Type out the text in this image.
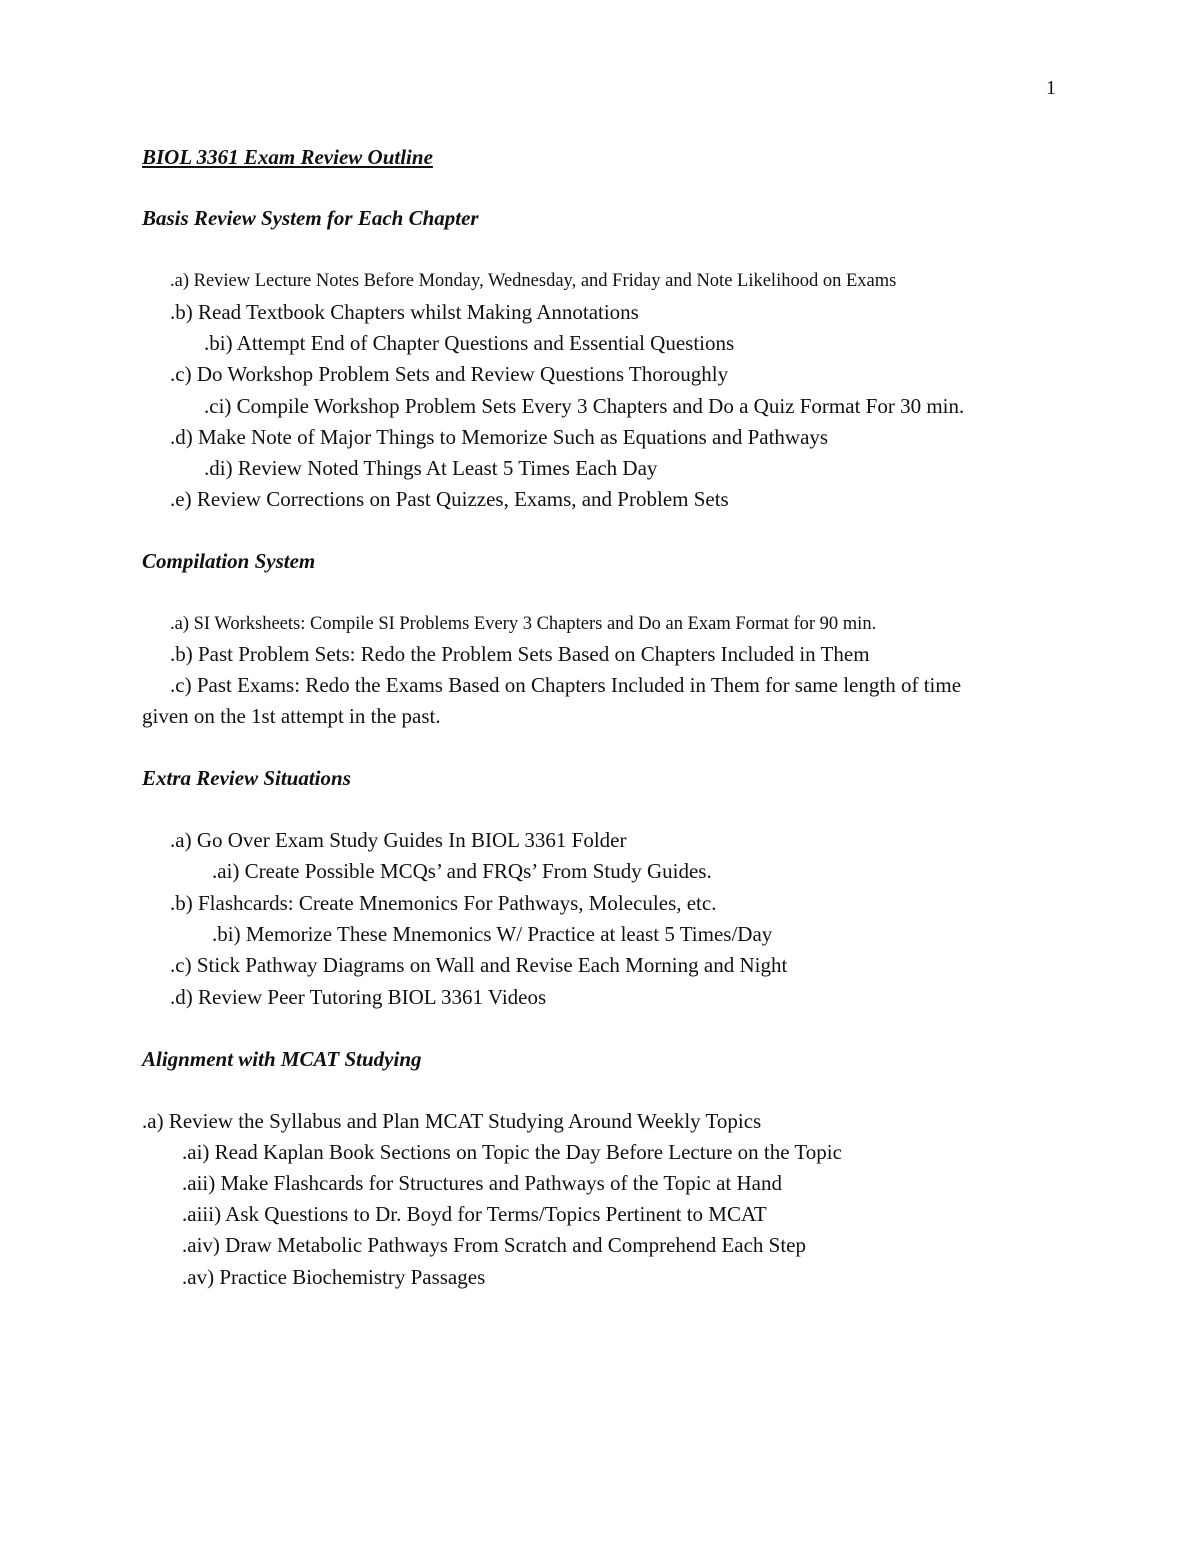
1
BIOL 3361 Exam Review Outline
Basis Review System for Each Chapter
.a) Review Lecture Notes Before Monday, Wednesday, and Friday and Note Likelihood on Exams
.b) Read Textbook Chapters whilst Making Annotations
.bi) Attempt End of Chapter Questions and Essential Questions
.c) Do Workshop Problem Sets and Review Questions Thoroughly
.ci) Compile Workshop Problem Sets Every 3 Chapters and Do a Quiz Format For 30 min.
.d) Make Note of Major Things to Memorize Such as Equations and Pathways
.di) Review Noted Things At Least 5 Times Each Day
.e) Review Corrections on Past Quizzes, Exams, and Problem Sets
Compilation System
.a) SI Worksheets: Compile SI Problems Every 3 Chapters and Do an Exam Format for 90 min.
.b) Past Problem Sets: Redo the Problem Sets Based on Chapters Included in Them
.c) Past Exams: Redo the Exams Based on Chapters Included in Them for same length of time
given on the 1st attempt in the past.
Extra Review Situations
.a) Go Over Exam Study Guides In BIOL 3361 Folder
.ai) Create Possible MCQs’ and FRQs’ From Study Guides.
.b) Flashcards: Create Mnemonics For Pathways, Molecules, etc.
.bi) Memorize These Mnemonics W/ Practice at least 5 Times/Day
.c) Stick Pathway Diagrams on Wall and Revise Each Morning and Night
.d) Review Peer Tutoring BIOL 3361 Videos
Alignment with MCAT Studying
.a) Review the Syllabus and Plan MCAT Studying Around Weekly Topics
.ai) Read Kaplan Book Sections on Topic the Day Before Lecture on the Topic
.aii) Make Flashcards for Structures and Pathways of the Topic at Hand
.aiii) Ask Questions to Dr. Boyd for Terms/Topics Pertinent to MCAT
.aiv) Draw Metabolic Pathways From Scratch and Comprehend Each Step
.av) Practice Biochemistry Passages
